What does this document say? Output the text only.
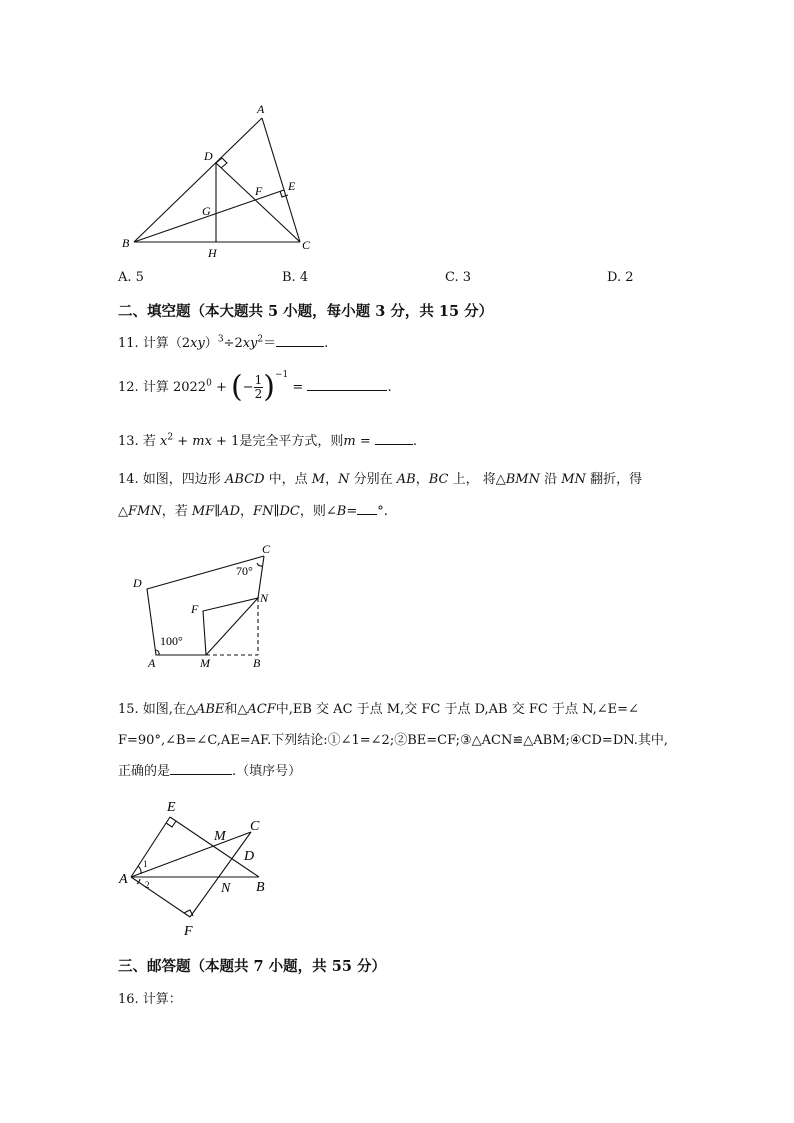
A
D
E
F
G
B	C
H
A. 5	B. 4	C. 3	D. 2
二、填空题（本大题共 5 小题，每小题 3 分，共 15 分）
11. 计算$(2xy)^3\div 2xy^2=$	.
12. 计算 $2022^0$ + (− $\frac{1}{2} )^{-1}$ =	.
13. 若 $x^2$ + mx + 1是完全平方式，则m =	.
14. 如图，四边形 ABCD 中，点 M，N 分别在 AB，BC 上， 将△BMN 沿 MN 翻折，得
△FMN，若 MF∥AD，FN∥DC，则∠B= °.
C
70°
D
F
N
100°
A	M	B
15. 如图,在△ABE和△ACF中,EB 交 AC 于点 M,交 FC 于点 D,AB 交 FC 于点 N,∠E=∠
F=90°,∠B=∠C,AE=AF.下列结论:①∠1=∠2;②BE=CF;③△ACN≌△ABM;④CD=DN.其中,
正确的是	.（填序号）
E
M
C
D
1
2
A
N B
F
三、邮答题（本题共 7 小题，共 55 分）
16. 计算：
